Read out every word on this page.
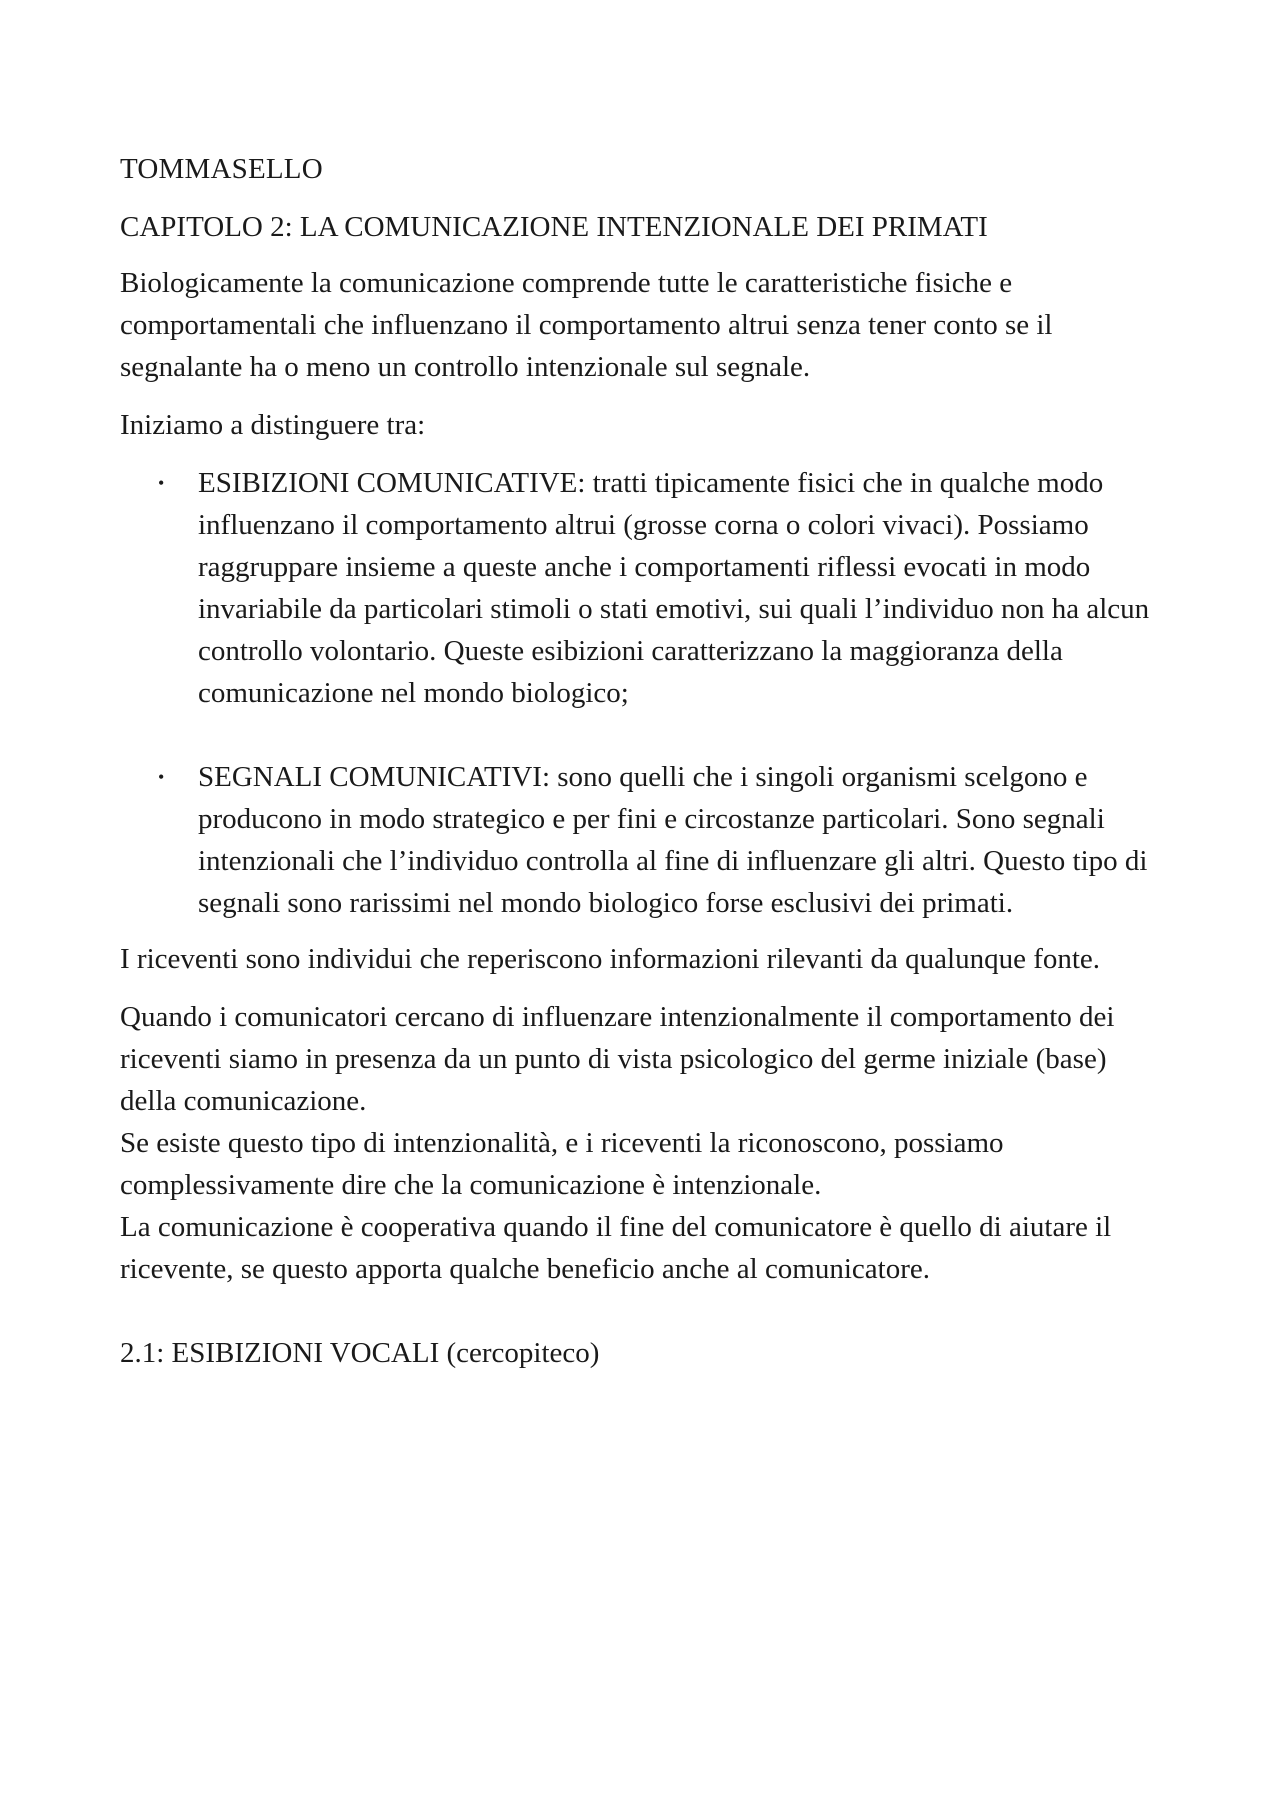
TOMMASELLO
CAPITOLO 2: LA COMUNICAZIONE INTENZIONALE DEI PRIMATI
Biologicamente la comunicazione comprende tutte le caratteristiche fisiche e comportamentali che influenzano il comportamento altrui senza tener conto se il segnalante ha o meno un controllo intenzionale sul segnale.
Iniziamo a distinguere tra:
• ESIBIZIONI COMUNICATIVE: tratti tipicamente fisici che in qualche modo influenzano il comportamento altrui (grosse corna o colori vivaci). Possiamo raggruppare insieme a queste anche i comportamenti riflessi evocati in modo invariabile da particolari stimoli o stati emotivi, sui quali l’individuo non ha alcun controllo volontario. Queste esibizioni caratterizzano la maggioranza della comunicazione nel mondo biologico;
• SEGNALI COMUNICATIVI: sono quelli che i singoli organismi scelgono e producono in modo strategico e per fini e circostanze particolari. Sono segnali intenzionali che l’individuo controlla al fine di influenzare gli altri. Questo tipo di segnali sono rarissimi nel mondo biologico forse esclusivi dei primati.
I riceventi sono individui che reperiscono informazioni rilevanti da qualunque fonte.
Quando i comunicatori cercano di influenzare intenzionalmente il comportamento dei riceventi siamo in presenza da un punto di vista psicologico del germe iniziale (base) della comunicazione.
Se esiste questo tipo di intenzionalità, e i riceventi la riconoscono, possiamo complessivamente dire che la comunicazione è intenzionale.
La comunicazione è cooperativa quando il fine del comunicatore è quello di aiutare il ricevente, se questo apporta qualche beneficio anche al comunicatore.
2.1: ESIBIZIONI VOCALI (cercopiteco)
